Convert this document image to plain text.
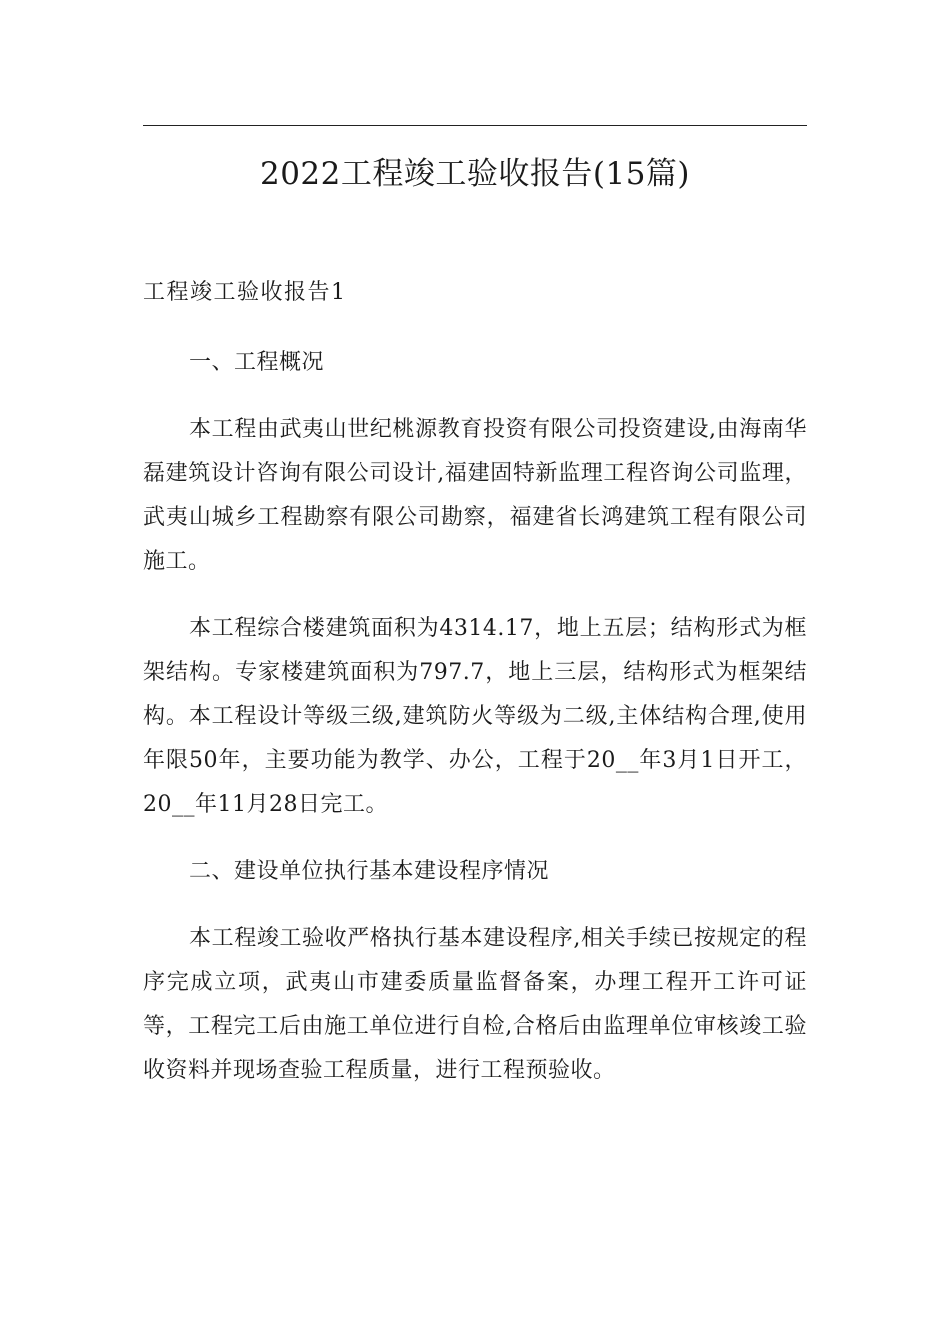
2022工程竣工验收报告(15篇)
工程竣工验收报告1

一、工程概况

本工程由武夷山世纪桃源教育投资有限公司投资建设,由海南华磊建筑设计咨询有限公司设计,福建固特新监理工程咨询公司监理，武夷山城乡工程勘察有限公司勘察，福建省长鸿建筑工程有限公司施工。

本工程综合楼建筑面积为4314.17，地上五层；结构形式为框架结构。专家楼建筑面积为797.7，地上三层，结构形式为框架结构。本工程设计等级三级,建筑防火等级为二级,主体结构合理,使用年限50年，主要功能为教学、办公，工程于20__年3月1日开工，20__年11月28日完工。

二、建设单位执行基本建设程序情况

本工程竣工验收严格执行基本建设程序,相关手续已按规定的程序完成立项，武夷山市建委质量监督备案，办理工程开工许可证等，工程完工后由施工单位进行自检,合格后由监理单位审核竣工验收资料并现场查验工程质量，进行工程预验收。
